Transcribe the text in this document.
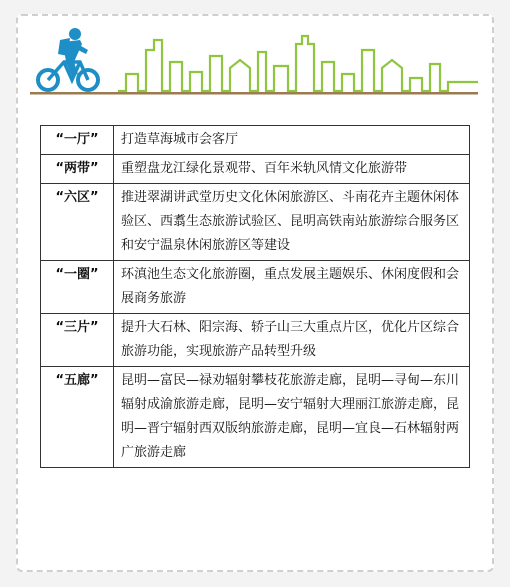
“一厅”	打造草海城市会客厅
“两带”	重塑盘龙江绿化景观带、百年米轨风情文化旅游带
“六区”	推进翠湖讲武堂历史文化休闲旅游区、斗南花卉主题休闲体验区、西翥生态旅游试验区、昆明高铁南站旅游综合服务区和安宁温泉休闲旅游区等建设
“一圈”	环滇池生态文化旅游圈，重点发展主题娱乐、休闲度假和会展商务旅游
“三片”	提升大石林、阳宗海、轿子山三大重点片区，优化片区综合旅游功能，实现旅游产品转型升级
“五廊”	昆明—富民—禄劝辐射攀枝花旅游走廊，昆明—寻甸—东川辐射成渝旅游走廊，昆明—安宁辐射大理丽江旅游走廊，昆明—晋宁辐射西双版纳旅游走廊，昆明—宜良—石林辐射两广旅游走廊
